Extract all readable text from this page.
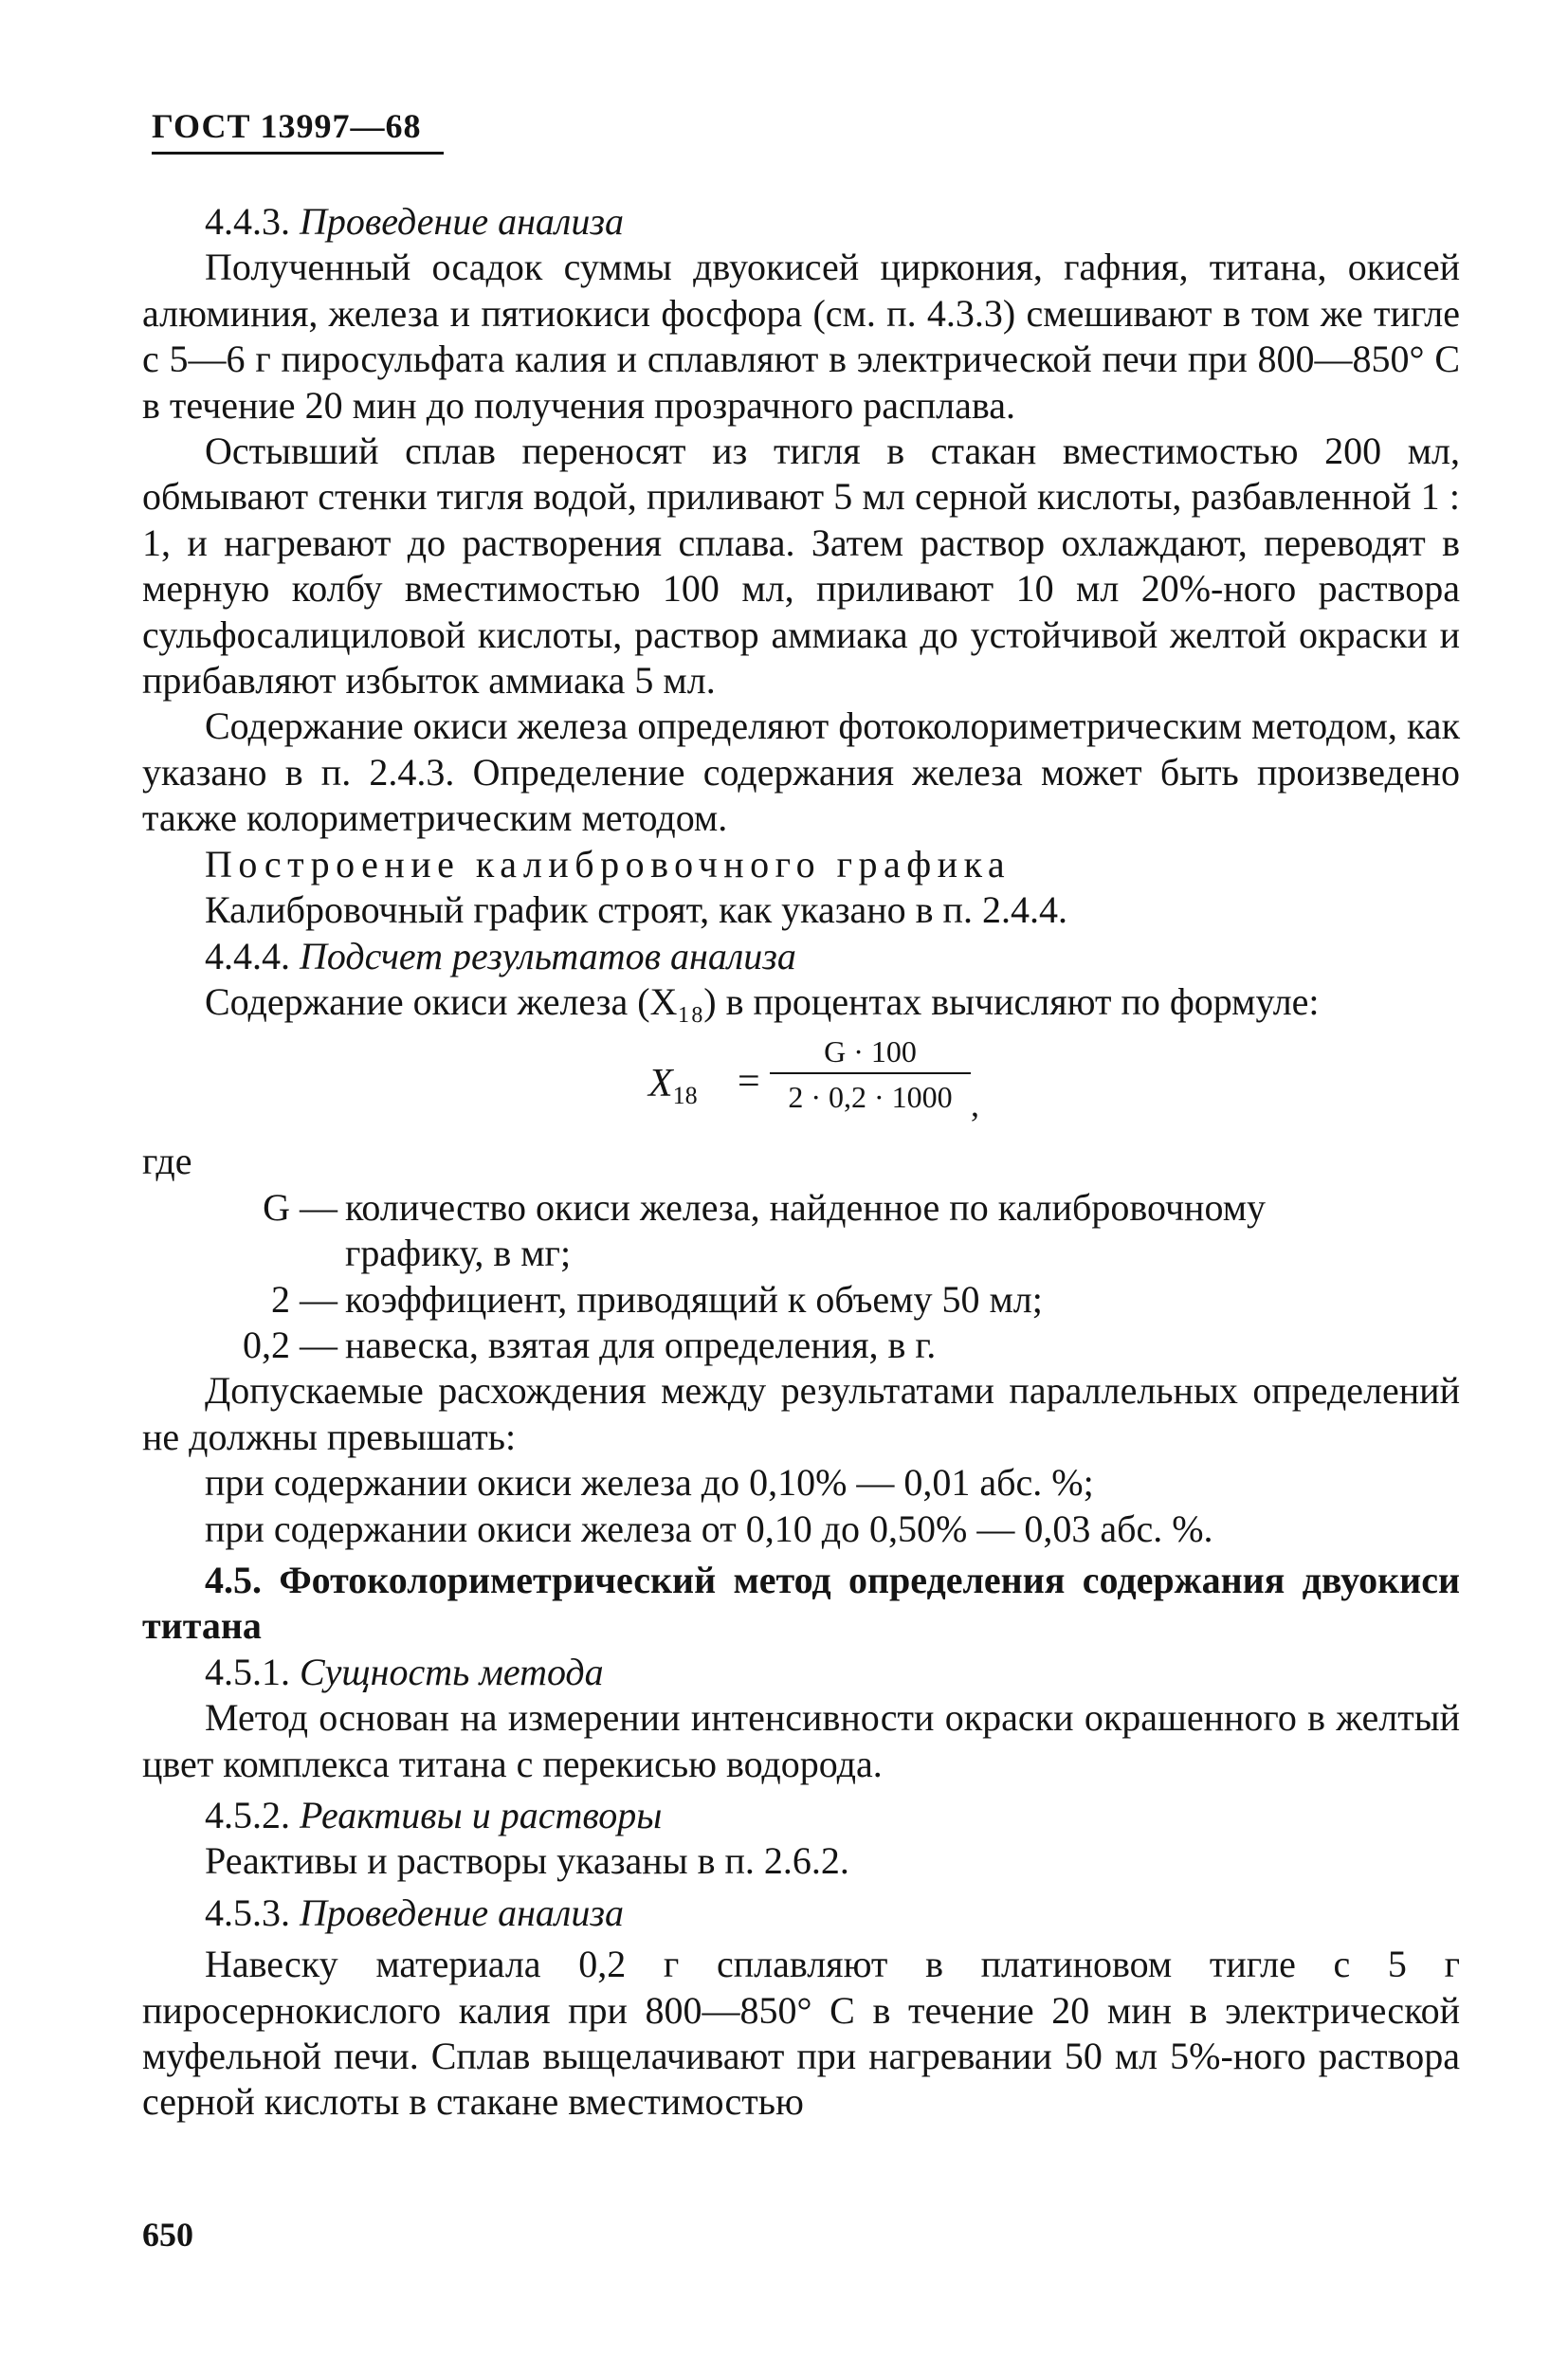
ГОСТ 13997—68

4.4.3. Проведение анализа

Полученный осадок суммы двуокисей циркония, гафния, титана, окисей алюминия, железа и пятиокиси фосфора (см. п. 4.3.3) смешивают в том же тигле с 5—6 г пиросульфата калия и сплавляют в электрической печи при 800—850° С в течение 20 мин до получения прозрачного расплава.

Остывший сплав переносят из тигля в стакан вместимостью 200 мл, обмывают стенки тигля водой, приливают 5 мл серной кислоты, разбавленной 1 : 1, и нагревают до растворения сплава. Затем раствор охлаждают, переводят в мерную колбу вместимостью 100 мл, приливают 10 мл 20%-ного раствора сульфосалициловой кислоты, раствор аммиака до устойчивой желтой окраски и прибавляют избыток аммиака 5 мл.

Содержание окиси железа определяют фотоколориметрическим методом, как указано в п. 2.4.3. Определение содержания железа может быть произведено также колориметрическим методом.

Построение калибровочного графика

Калибровочный график строят, как указано в п. 2.4.4.

4.4.4. Подсчет результатов анализа

Содержание окиси железа (X₁₈) в процентах вычисляют по формуле:

X18 =
G · 100
2 · 0,2 · 1000 ,

где

G — количество окиси железа, найденное по калибровочному
графику, в мг;
2 — коэффициент, приводящий к объему 50 мл;
0,2 — навеска, взятая для определения, в г.

Допускаемые расхождения между результатами параллельных определений не должны превышать:

при содержании окиси железа до 0,10% — 0,01 абс. %;

при содержании окиси железа от 0,10 до 0,50% — 0,03 абс. %.

4.5. Фотоколориметрический метод определения содержания двуокиси титана

4.5.1. Сущность метода

Метод основан на измерении интенсивности окраски окрашенного в желтый цвет комплекса титана с перекисью водорода.

4.5.2. Реактивы и растворы

Реактивы и растворы указаны в п. 2.6.2.

4.5.3. Проведение анализа

Навеску материала 0,2 г сплавляют в платиновом тигле с 5 г пиросернокислого калия при 800—850° С в течение 20 мин в электрической муфельной печи. Сплав выщелачивают при нагревании 50 мл 5%-ного раствора серной кислоты в стакане вместимостью

650
